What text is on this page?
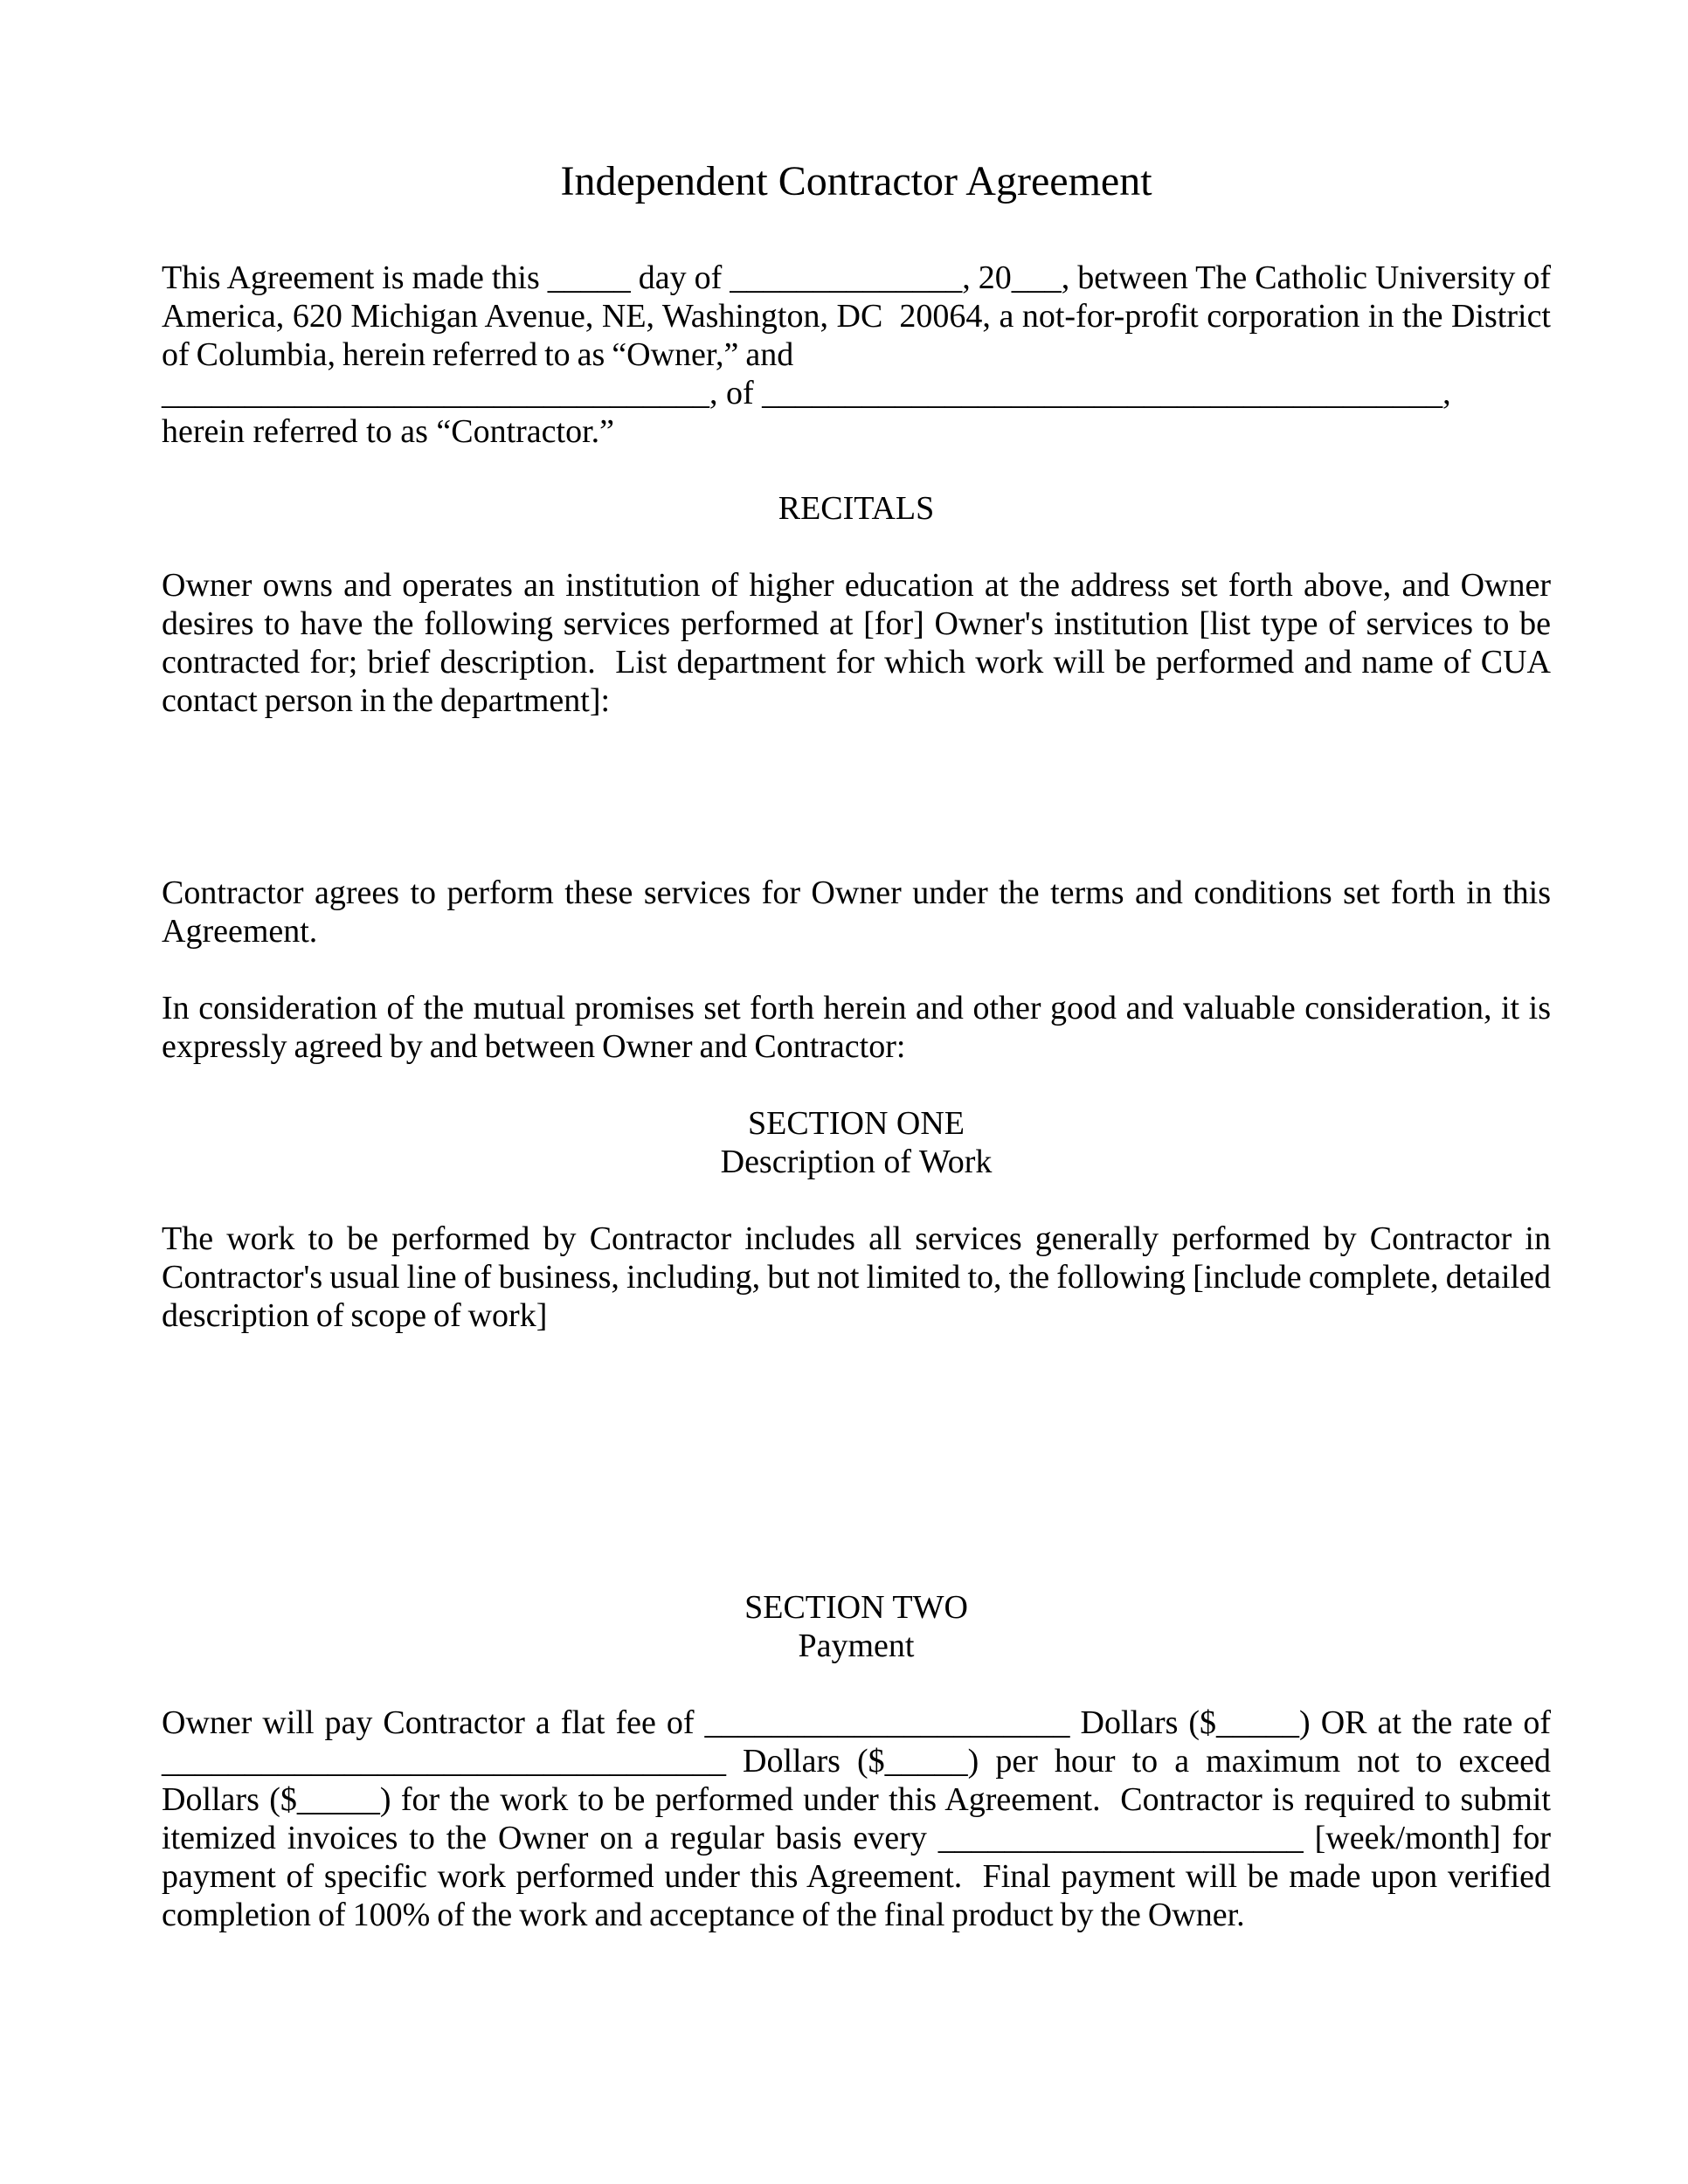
Independent Contractor Agreement

This Agreement is made this _____ day of ______________, 20___, between The Catholic University of America, 620 Michigan Avenue, NE, Washington, DC  20064, a not-for-profit corporation in the District of Columbia, herein referred to as “Owner,” and

_________________________________, of _________________________________________,

herein referred to as “Contractor.”

RECITALS

Owner owns and operates an institution of higher education at the address set forth above, and Owner desires to have the following services performed at [for] Owner's institution [list type of services to be contracted for; brief description.  List department for which work will be performed and name of CUA contact person in the department]:

Contractor agrees to perform these services for Owner under the terms and conditions set forth in this Agreement.

In consideration of the mutual promises set forth herein and other good and valuable consideration, it is expressly agreed by and between Owner and Contractor:

SECTION ONE
Description of Work

The work to be performed by Contractor includes all services generally performed by Contractor in Contractor's usual line of business, including, but not limited to, the following [include complete, detailed description of scope of work]

SECTION TWO
Payment

Owner will pay Contractor a flat fee of ______________________ Dollars ($_____) OR at the rate of __________________________________ Dollars ($_____) per hour to a maximum not to exceed Dollars ($_____) for the work to be performed under this Agreement.  Contractor is required to submit itemized invoices to the Owner on a regular basis every ______________________ [week/month] for payment of specific work performed under this Agreement.  Final payment will be made upon verified completion of 100% of the work and acceptance of the final product by the Owner.
